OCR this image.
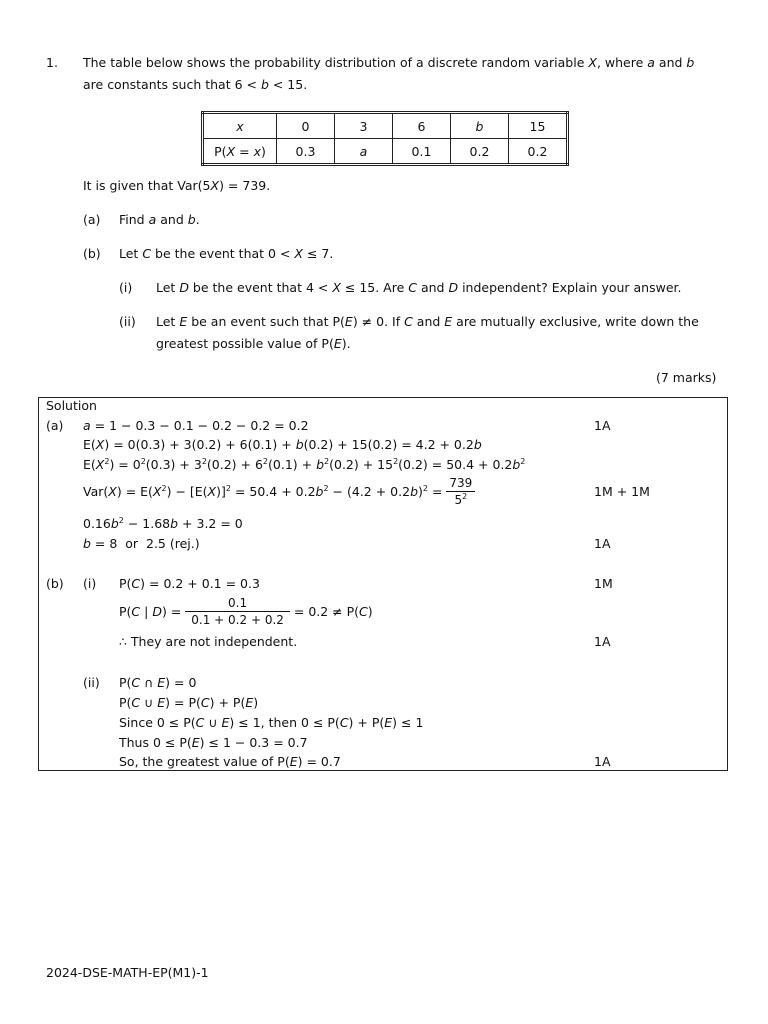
1. The table below shows the probability distribution of a discrete random variable X, where a and b
are constants such that 6 < b < 15.
x	0	3	6	b	15
P(X = x)	0.3	a	0.1	0.2	0.2
It is given that Var(5X) = 739.
(a) Find a and b.
(b) Let C be the event that 0 < X ≤ 7.
(i) Let D be the event that 4 < X ≤ 15. Are C and D independent? Explain your answer.
(ii) Let E be an event such that P(E) ≠ 0. If C and E are mutually exclusive, write down the
greatest possible value of P(E).
(7 marks)
Solution
(a) a = 1 − 0.3 − 0.1 − 0.2 − 0.2 = 0.2	1A
E(X) = 0(0.3) + 3(0.2) + 6(0.1) + b(0.2) + 15(0.2) = 4.2 + 0.2b
$E(X^2) = 0^2(0.3) + 3^2(0.2) + 6^2(0.1) + b^2(0.2) + 15^2(0.2) = 50.4 + 0.2b^2$
$Var(X) = E(X^2) - [E(X)]^2 = 50.4 + 0.2b^2 - (4.2 + 0.2b)^2 = \frac{739}{5^2}$	1M + 1M
$0.16b^2 - 1.68b + 3.2 = 0$
b = 8  or  2.5 (rej.)	1A
(b) (i) P(C) = 0.2 + 0.1 = 0.3	1M
P(C | $D) = \frac{0.1}{0.1 + 0.2 + 0.2} = 0.2 \ne P(C)$
∴ They are not independent.	1A
(ii) P(C ∩ E) = 0
P(C ∪ E) = P(C) + P(E)
Since 0 ≤ P(C ∪ E) ≤ 1, then 0 ≤ P(C) + P(E) ≤ 1
Thus 0 ≤ P(E) ≤ 1 − 0.3 = 0.7
So, the greatest value of P(E) = 0.7	1A
2024-DSE-MATH-EP(M1)-1
